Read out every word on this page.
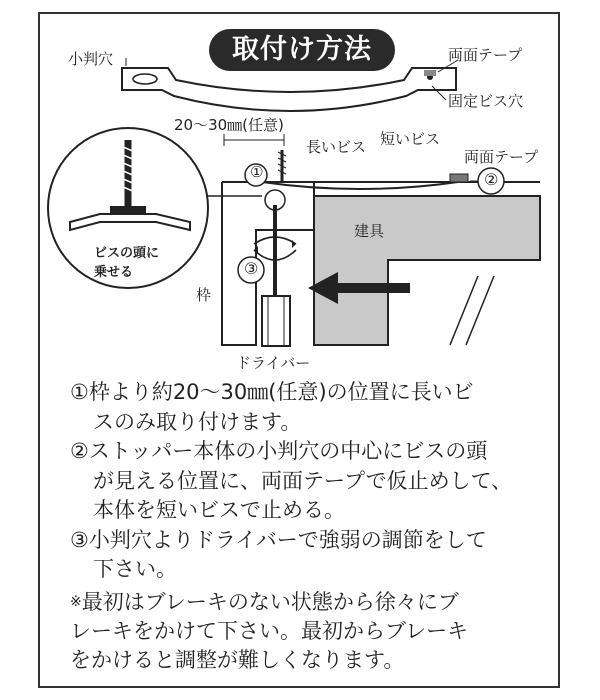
取付け方法
小判穴	両面テープ
固定ビス穴
20〜30㎜(任意)
長いビス 短いビス
両面テープ
①	②
③
建具
枠
ドライバー
ビスの頭に
乗せる

①枠より約20〜30㎜(任意)の位置に長いビ
スのみ取り付けます。

②ストッパー本体の小判穴の中心にビスの頭
が見える位置に、両面テープで仮止めして、
本体を短いビスで止める。

③小判穴よりドライバーで強弱の調節をして
下さい。

※最初はブレーキのない状態から徐々にブ
レーキをかけて下さい。最初からブレーキ
をかけると調整が難しくなります。
